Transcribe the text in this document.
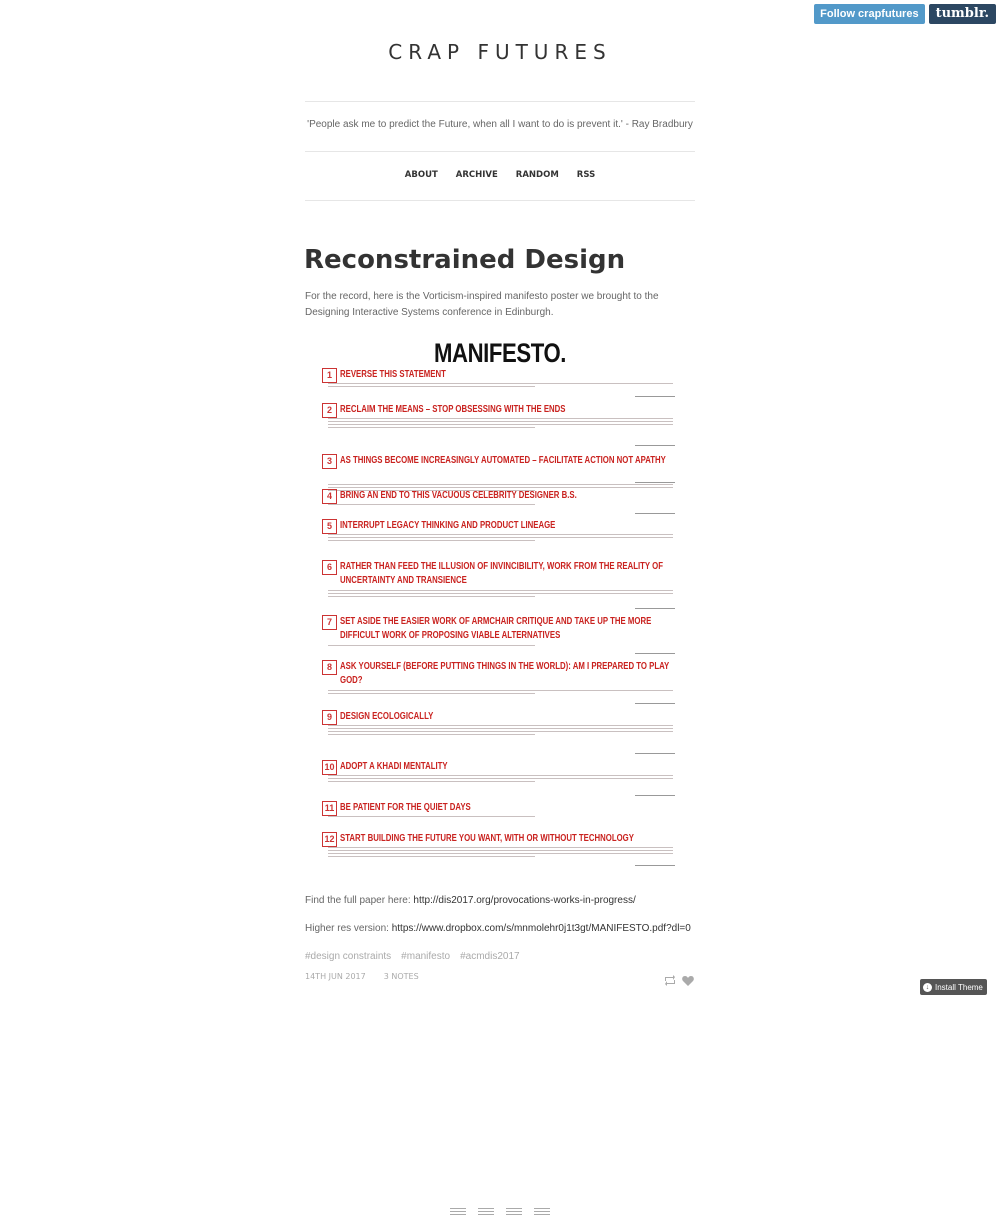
Follow crapfutures	tumblr.
CRAP FUTURES
'People ask me to predict the Future, when all I want to do is prevent it.' - Ray Bradbury
ABOUT ARCHIVE RANDOM RSS
Reconstrained Design
For the record, here is the Vorticism-inspired manifesto poster we brought to the Designing Interactive Systems conference in Edinburgh.
MANIFESTO.
1 REVERSE THIS STATEMENT
2 RECLAIM THE MEANS – STOP OBSESSING WITH THE ENDS
3 AS THINGS BECOME INCREASINGLY AUTOMATED – FACILITATE ACTION NOT APATHY
4 BRING AN END TO THIS VACUOUS CELEBRITY DESIGNER B.S.
5 INTERRUPT LEGACY THINKING AND PRODUCT LINEAGE
6 RATHER THAN FEED THE ILLUSION OF INVINCIBILITY, WORK FROM THE REALITY OF UNCERTAINTY AND TRANSIENCE
7 SET ASIDE THE EASIER WORK OF ARMCHAIR CRITIQUE AND TAKE UP THE MORE DIFFICULT WORK OF PROPOSING VIABLE ALTERNATIVES
8 ASK YOURSELF (BEFORE PUTTING THINGS IN THE WORLD): AM I PREPARED TO PLAY GOD?
9 DESIGN ECOLOGICALLY
10 ADOPT A KHADI MENTALITY
11 BE PATIENT FOR THE QUIET DAYS
12 START BUILDING THE FUTURE YOU WANT, WITH OR WITHOUT TECHNOLOGY
Find the full paper here: http://dis2017.org/provocations-works-in-progress/
Higher res version: https://www.dropbox.com/s/mnmolehr0j1t3gt/MANIFESTO.pdf?dl=0
#design constraints #manifesto #acmdis2017
14TH JUN 2017 3 NOTES
↓ Install Theme
